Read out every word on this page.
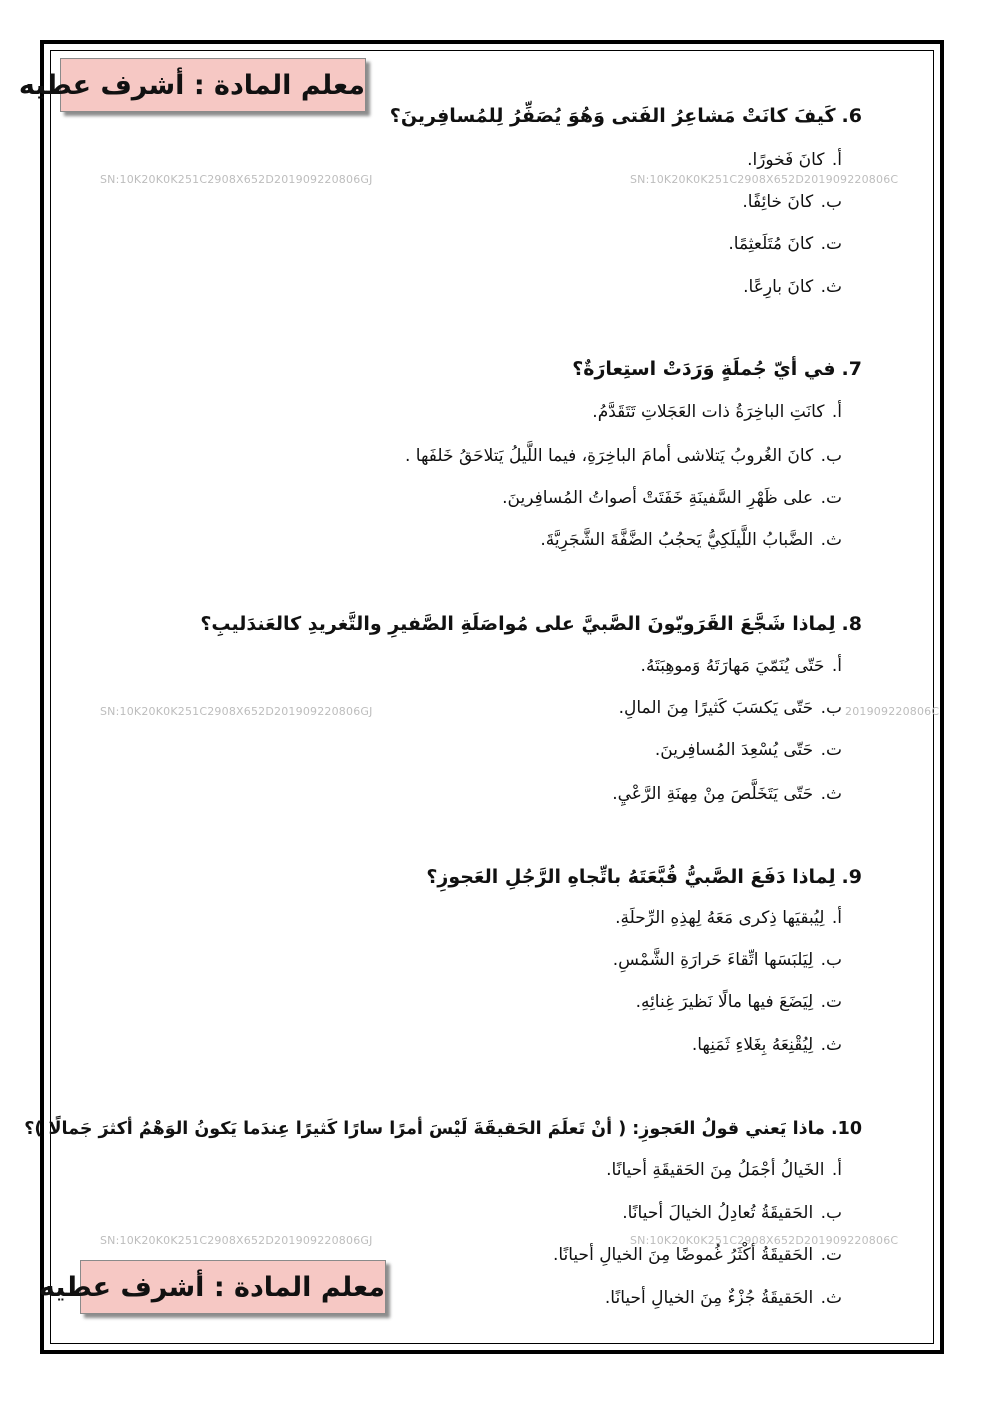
معلم المادة : أشرف عطيه
SN:10K20K0K251C2908X652D201909220806GJ	SN:10K20K0K251C2908X652D201909220806C
SN:10K20K0K251C2908X652D201909220806GJ	201909220806C
SN:10K20K0K251C2908X652D201909220806GJ	SN:10K20K0K251C2908X652D201909220806C
6.كَيفَ كانَتْ مَشاعِرُ الفَتى وَهُوَ يُصَفِّرُ لِلمُسافِرينَ؟
أ. كانَ فَخورًا.
ب. كانَ خائِفًا.
ت. كانَ مُتَلَعثِمًا.
ث. كانَ بارِعًا.
7.في أيّ جُملَةٍ وَرَدَتْ استِعارَةٌ؟
أ. كانَتِ الباخِرَةُ ذات العَجَلاتِ تَتَقَدَّمُ.
ب. كانَ الغُروبُ يَتلاشى أمامَ الباخِرَةِ، فيما اللَّيلُ يَتلاحَقُ خَلفَها .
ت. على ظَهْرِ السَّفينَةِ خَفَتَتْ أصواتُ المُسافِرينَ.
ث. الضَّبابُ اللَّيلَكِيُّ يَحجُبُ الضَّفَّةَ الشَّجَرِيَّةَ.
8.لِماذا شَجَّعَ القَرَويّونَ الصَّبيَّ على مُواصَلَةِ الصَّفيرِ والتَّغريدِ كالعَندَليبِ؟
أ. حَتّى يُنَمّيَ مَهارَتَهُ وَموهِبَتَهُ.
ب. حَتّى يَكسَبَ كَثيرًا مِنَ المالِ.
ت. حَتّى يُسْعِدَ المُسافِرينَ.
ث. حَتّى يَتَخَلَّصَ مِنْ مِهنَةِ الرَّعْيِ.
9.لِماذا دَفَعَ الصَّبيُّ قُبَّعَتَهُ باتِّجاهِ الرَّجُلِ العَجوزِ؟
أ. لِيُبقيَها ذِكرى مَعَهُ لِهذِهِ الرِّحلَةِ.
ب. لِيَلبَسَها اتِّقاءَ حَرارَةِ الشَّمْسِ.
ت. لِيَضَعَ فيها مالًا نَظيرَ غِنائِهِ.
ث. لِيُقْنِعَهُ بِغَلاءِ ثَمَنِها.
10.ماذا يَعني قولُ العَجوزِ: ( أنْ تَعلَمَ الحَقيقَةَ لَيْسَ أمرًا سارًا كَثيرًا عِندَما يَكونُ الوَهْمُ أكثرَ جَمالًا )؟
أ. الخَيالُ أجْمَلُ مِنَ الحَقيقَةِ أحيانًا.
ب. الحَقيقَةُ تُعادِلُ الخيالَ أحيانًا.
ت. الحَقيقَةُ أكْثَرُ غُموضًا مِنَ الخيالِ أحيانًا.
ث. الحَقيقَةُ جُزْءٌ مِنَ الخيالِ أحيانًا.
معلم المادة : أشرف عطيه
